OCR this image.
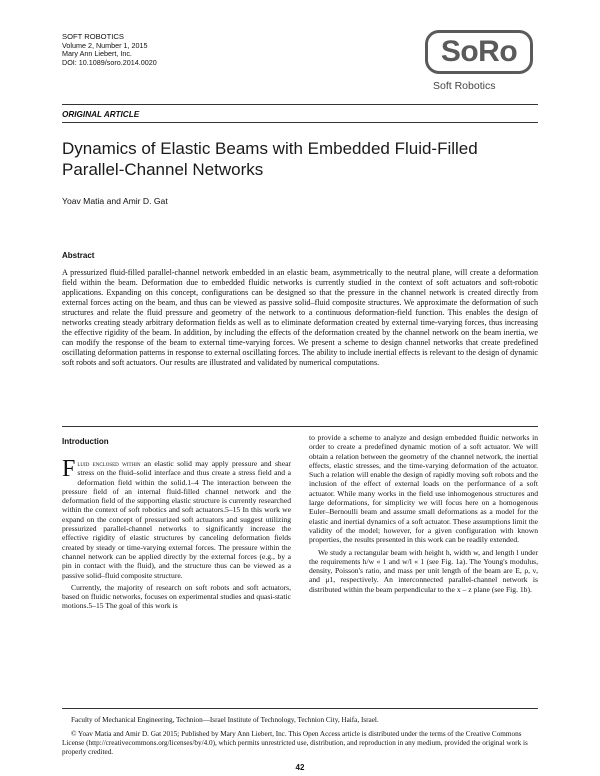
SOFT ROBOTICS
Volume 2, Number 1, 2015
Mary Ann Liebert, Inc.
DOI: 10.1089/soro.2014.0020	SoRo
Soft Robotics
ORIGINAL ARTICLE
Dynamics of Elastic Beams with Embedded Fluid-Filled Parallel-Channel Networks
Yoav Matia and Amir D. Gat
Abstract
A pressurized fluid-filled parallel-channel network embedded in an elastic beam, asymmetrically to the neutral plane, will create a deformation field within the beam. Deformation due to embedded fluidic networks is currently studied in the context of soft actuators and soft-robotic applications. Expanding on this concept, configurations can be designed so that the pressure in the channel network is created directly from external forces acting on the beam, and thus can be viewed as passive solid–fluid composite structures. We approximate the deformation of such structures and relate the fluid pressure and geometry of the network to a continuous deformation-field function. This enables the design of networks creating steady arbitrary deformation fields as well as to eliminate deformation created by external time-varying forces, thus increasing the effective rigidity of the beam. In addition, by including the effects of the deformation created by the channel network on the beam inertia, we can modify the response of the beam to external time-varying forces. We present a scheme to design channel networks that create predefined oscillating deformation patterns in response to external oscillating forces. The ability to include inertial effects is relevant to the design of dynamic soft robots and soft actuators. Our results are illustrated and validated by numerical computations.
Introduction

Fluid enclosed within an elastic solid may apply pressure and shear stress on the fluid–solid interface and thus create a stress field and a deformation field within the solid.1–4 The interaction between the pressure field of an internal fluid-filled channel network and the deformation field of the supporting elastic structure is currently researched within the context of soft robotics and soft actuators.5–15 In this work we expand on the concept of pressurized soft actuators and suggest utilizing pressurized parallel-channel networks to significantly increase the effective rigidity of elastic structures by canceling deformation fields created by steady or time-varying external forces. The pressure within the channel network can be applied directly by the external forces (e.g., by a pin in contact with the fluid), and the structure thus can be viewed as a passive solid–fluid composite structure.

Currently, the majority of research on soft robots and soft actuators, based on fluidic networks, focuses on experimental studies and quasi-static motions.5–15 The goal of this work is

to provide a scheme to analyze and design embedded fluidic networks in order to create a predefined dynamic motion of a soft actuator. We will obtain a relation between the geometry of the channel network, the inertial effects, elastic stresses, and the time-varying deformation of the actuator. Such a relation will enable the design of rapidly moving soft robots and the inclusion of the effect of external loads on the performance of a soft actuator. While many works in the field use inhomogenous structures and large deformations, for simplicity we will focus here on a homogenous Euler–Bernoulli beam and assume small deformations as a model for the elastic and inertial dynamics of a soft actuator. These assumptions limit the validity of the model; however, for a given configuration with known properties, the results presented in this work can be readily extended.

We study a rectangular beam with height h, width w, and length l under the requirements h/w « 1 and w/l « 1 (see Fig. 1a). The Young's modulus, density, Poisson's ratio, and mass per unit length of the beam are E, ρ, ν, and μ1, respectively. An interconnected parallel-channel network is distributed within the beam perpendicular to the x – z plane (see Fig. 1b).

Faculty of Mechanical Engineering, Technion—Israel Institute of Technology, Technion City, Haifa, Israel.
© Yoav Matia and Amir D. Gat 2015; Published by Mary Ann Liebert, Inc. This Open Access article is distributed under the terms of the Creative Commons License (http://creativecommons.org/licenses/by/4.0), which permits unrestricted use, distribution, and reproduction in any medium, provided the original work is properly credited.
42
